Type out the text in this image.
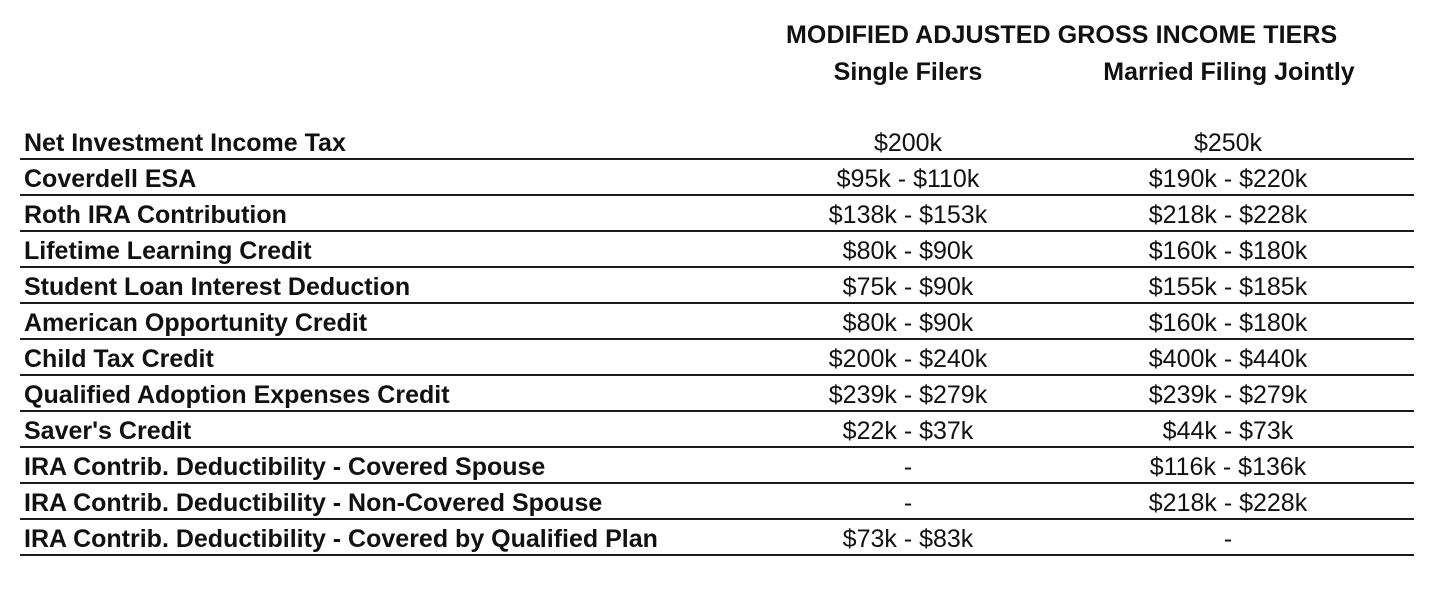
MODIFIED ADJUSTED GROSS INCOME TIERS
Single Filers	Married Filing Jointly
Net Investment Income Tax	$200k	$250k
Coverdell ESA	$95k - $110k	$190k - $220k
Roth IRA Contribution	$138k - $153k	$218k - $228k
Lifetime Learning Credit	$80k - $90k	$160k - $180k
Student Loan Interest Deduction	$75k - $90k	$155k - $185k
American Opportunity Credit	$80k - $90k	$160k - $180k
Child Tax Credit	$200k - $240k	$400k - $440k
Qualified Adoption Expenses Credit	$239k - $279k	$239k - $279k
Saver's Credit	$22k - $37k	$44k - $73k
IRA Contrib. Deductibility - Covered Spouse	-	$116k - $136k
IRA Contrib. Deductibility - Non-Covered Spouse	-	$218k - $228k
IRA Contrib. Deductibility - Covered by Qualified Plan	$73k - $83k	-
